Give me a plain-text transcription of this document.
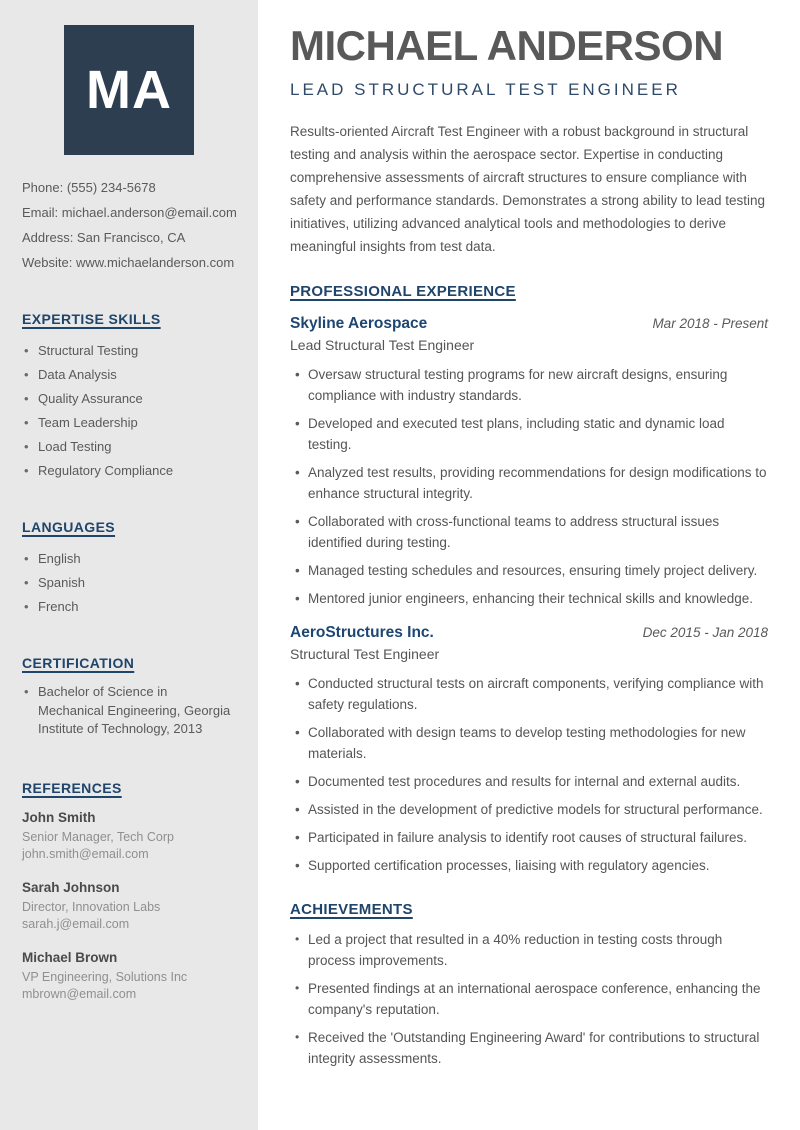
MA
Phone: (555) 234-5678
Email: michael.anderson@email.com
Address: San Francisco, CA
Website: www.michaelanderson.com
EXPERTISE SKILLS
• Structural Testing
• Data Analysis
• Quality Assurance
• Team Leadership
• Load Testing
• Regulatory Compliance
LANGUAGES
• English
• Spanish
• French
CERTIFICATION
• Bachelor of Science in Mechanical Engineering, Georgia Institute of Technology, 2013
REFERENCES
John Smith
Senior Manager, Tech Corp
john.smith@email.com
Sarah Johnson
Director, Innovation Labs
sarah.j@email.com
Michael Brown
VP Engineering, Solutions Inc
mbrown@email.com
MICHAEL ANDERSON
LEAD STRUCTURAL TEST ENGINEER

Results-oriented Aircraft Test Engineer with a robust background in structural testing and analysis within the aerospace sector. Expertise in conducting comprehensive assessments of aircraft structures to ensure compliance with safety and performance standards. Demonstrates a strong ability to lead testing initiatives, utilizing advanced analytical tools and methodologies to derive meaningful insights from test data.

PROFESSIONAL EXPERIENCE
Skyline Aerospace	Mar 2018 - Present
Lead Structural Test Engineer
• Oversaw structural testing programs for new aircraft designs, ensuring compliance with industry standards.
• Developed and executed test plans, including static and dynamic load testing.
• Analyzed test results, providing recommendations for design modifications to enhance structural integrity.
• Collaborated with cross-functional teams to address structural issues identified during testing.
• Managed testing schedules and resources, ensuring timely project delivery.
• Mentored junior engineers, enhancing their technical skills and knowledge.
AeroStructures Inc.	Dec 2015 - Jan 2018
Structural Test Engineer
• Conducted structural tests on aircraft components, verifying compliance with safety regulations.
• Collaborated with design teams to develop testing methodologies for new materials.
• Documented test procedures and results for internal and external audits.
• Assisted in the development of predictive models for structural performance.
• Participated in failure analysis to identify root causes of structural failures.
• Supported certification processes, liaising with regulatory agencies.
ACHIEVEMENTS
• Led a project that resulted in a 40% reduction in testing costs through process improvements.
• Presented findings at an international aerospace conference, enhancing the company's reputation.
• Received the 'Outstanding Engineering Award' for contributions to structural integrity assessments.
